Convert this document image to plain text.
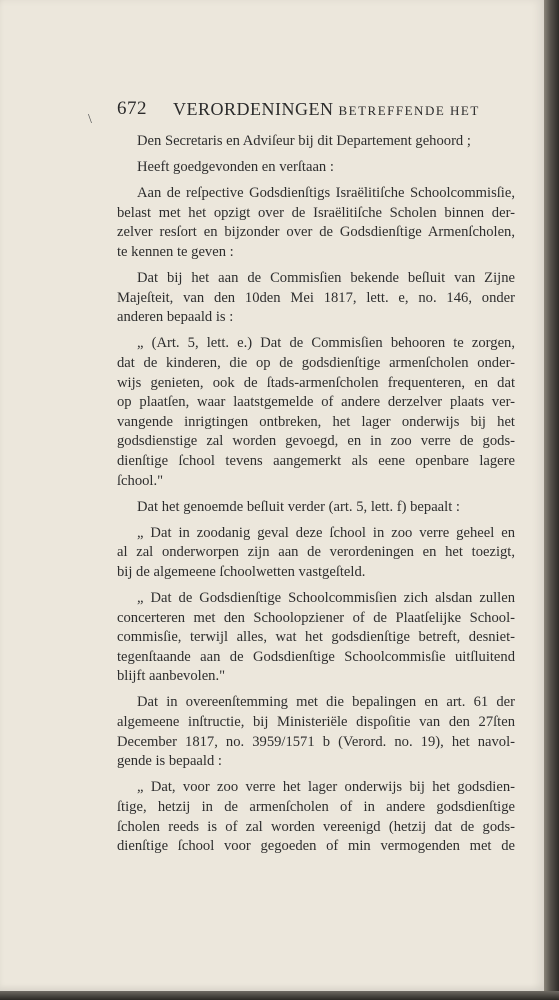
672 VERORDENINGEN BETREFFENDE HET
\
Den Secretaris en Adviſeur bij dit Departement gehoord ;
Heeft goedgevonden en verſtaan :
Aan de reſpective Godsdienſtigs Israëlitiſche Schoolcommisſie,
belast met het opzigt over de Israëlitiſche Scholen binnen der-
zelver resſort en bijzonder over de Godsdienſtige Armenſcholen,
te kennen te geven :
Dat bij het aan de Commisſien bekende beſluit van Zijne
Majeſteit, van den 10den Mei 1817, lett. e, no. 146, onder
anderen bepaald is :
„ (Art. 5, lett. e.) Dat de Commisſien behooren te zorgen,
dat de kinderen, die op de godsdienſtige armenſcholen onder-
wijs genieten, ook de ſtads-armenſcholen frequenteren, en dat
op plaatſen, waar laatstgemelde of andere derzelver plaats ver-
vangende inrigtingen ontbreken, het lager onderwijs bij het
godsdienstige zal worden gevoegd, en in zoo verre de gods-
dienſtige ſchool tevens aangemerkt als eene openbare lagere
ſchool."
Dat het genoemde beſluit verder (art. 5, lett. f) bepaalt :
„ Dat in zoodanig geval deze ſchool in zoo verre geheel en
al zal onderworpen zijn aan de verordeningen en het toezigt,
bij de algemeene ſchoolwetten vastgeſteld.
„ Dat de Godsdienſtige Schoolcommisſien zich alsdan zullen
concerteren met den Schoolopziener of de Plaatſelijke School-
commisſie, terwijl alles, wat het godsdienſtige betreft, desniet-
tegenſtaande aan de Godsdienſtige Schoolcommisſie uitſluitend
blijft aanbevolen."
Dat in overeenſtemming met die bepalingen en art. 61 der
algemeene inſtructie, bij Ministeriële dispoſitie van den 27ſten
December 1817, no. 3959/1571 b (Verord. no. 19), het navol-
gende is bepaald :
„ Dat, voor zoo verre het lager onderwijs bij het godsdien-
ſtige, hetzij in de armenſcholen of in andere godsdienſtige
ſcholen reeds is of zal worden vereenigd (hetzij dat de gods-
dienſtige ſchool voor gegoeden of min vermogenden met de
